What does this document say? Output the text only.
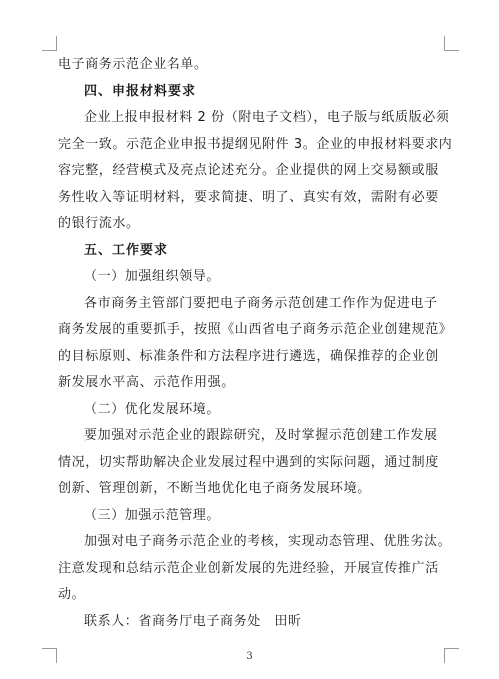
电子商务示范企业名单。
四、申报材料要求
企业上报申报材料 2 份（附电子文档），电子版与纸质版必须
完全一致。示范企业申报书提纲见附件 3。企业的申报材料要求内
容完整，经营模式及亮点论述充分。企业提供的网上交易额或服
务性收入等证明材料，要求简捷、明了、真实有效，需附有必要
的银行流水。
五、工作要求
（一）加强组织领导。
各市商务主管部门要把电子商务示范创建工作作为促进电子
商务发展的重要抓手，按照《山西省电子商务示范企业创建规范》
的目标原则、标准条件和方法程序进行遴选，确保推荐的企业创
新发展水平高、示范作用强。
（二）优化发展环境。
要加强对示范企业的跟踪研究，及时掌握示范创建工作发展
情况，切实帮助解决企业发展过程中遇到的实际问题，通过制度
创新、管理创新，不断当地优化电子商务发展环境。
（三）加强示范管理。
加强对电子商务示范企业的考核，实现动态管理、优胜劣汰。
注意发现和总结示范企业创新发展的先进经验，开展宣传推广活
动。
联系人：省商务厅电子商务处　田昕
3
